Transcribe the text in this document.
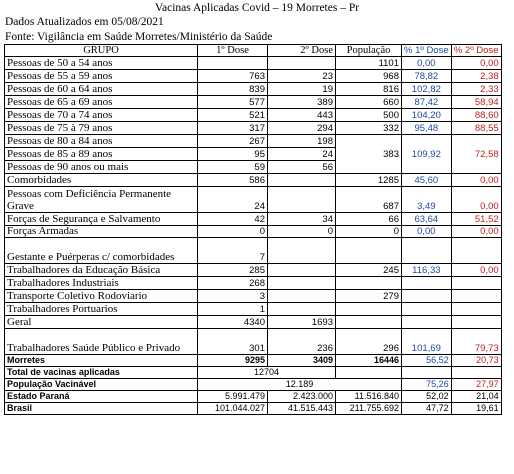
Vacinas Aplicadas Covid – 19 Morretes – Pr
Dados Atualizados em 05/08/2021
Fonte: Vigilância em Saúde Morretes/Ministério da Saúde
GRUPO	1º Dose	2º Dose	População	% 1º Dose	% 2º Dose
Pessoas de 50 a 54 anos			1101	0,00	0,00
Pessoas de 55 a 59 anos	763	23	968	78,82	2,38
Pessoas de 60 a 64 anos	839	19	816	102,82	2,33
Pessoas de 65 a 69 anos	577	389	660	87,42	58,94
Pessoas de 70 a 74 anos	521	443	500	104,20	88,60
Pessoas de 75 à 79 anos	317	294	332	95,48	88,55
Pessoas de 80 a 84 anos	267	198	383	109,92	72,58
Pessoas de 85 a 89 anos	95	24			
Pessoas de 90 anos ou mais	59	56			
Comorbidades	586		1285	45,60	0,00
Pessoas com Deficiência Permanente Grave	24		687	3,49	0,00
Forças de Segurança e Salvamento	42	34	66	63,64	51,52
Forças Armadas	0	0	0	0,00	0,00
Gestante e Puérperas c/ comorbidades	7				
Trabalhadores da Educação Básica	285		245	116,33	0,00
Trabalhadores Industriais	268				
Transporte Coletivo Rodoviario	3		279		
Trabalhadores Portuarios	1				
Geral	4340	1693			
Trabalhadores Saúde Público e Privado	301	236	296	101,69	79,73
Morretes	9295	3409	16446	56,52	20,73
Total de vacinas aplicadas	12704				
População Vacinável	12.189			75,26	27,97
Estado Paraná	5.991.479	2.423.000	11.516.840	52,02	21,04
Brasil	101.044.027	41.515.443	211.755.692	47,72	19,61
